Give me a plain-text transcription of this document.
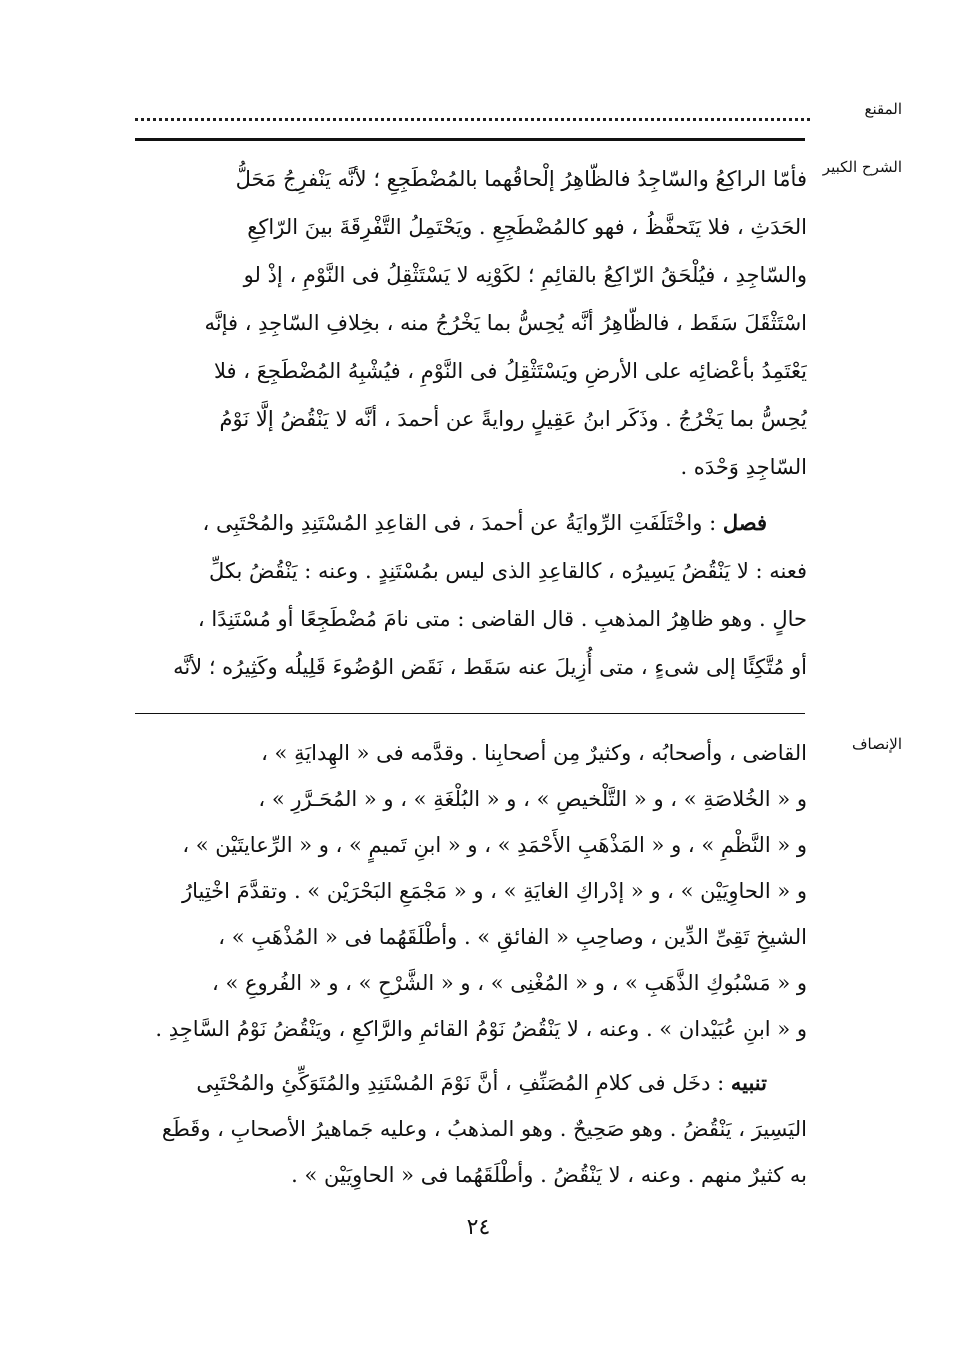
المقنع
الشرح الكبير

فأمّا الراكِعُ والسّاجِدُ فالظّاهِرُ إلْحاقُهما بالمُضْطَجِعِ ؛ لأنَّه يَنْفرِجُ مَحَلُّ
الحَدَثِ ، فلا يَتَحفَّظُ ، فهو كالمُضْطَجِعِ . ويَحْتَمِلُ التَّفْرِقَةَ بينَ الرّاكِعِ
والسّاجِدِ ، فيُلْحَقُ الرّاكِعُ بالقائِمِ ؛ لكَوْنِه لا يَسْتَثْقِلُ فى النَّوْمِ ، إذْ لو
اسْتَثْقَلَ سَقَط ، فالظّاهِرُ أنَّه يُحِسُّ بما يَخْرُجُ منه ، بخِلافِ السّاجِدِ ، فإنَّه
يَعْتَمِدُ بأعْضائِه على الأرضِ ويَسْتَثْقِلُ فى النَّوْمِ ، فيُشْبِهُ المُضْطَجِعَ ، فلا
يُحِسُّ بما يَخْرُجُ . وذَكَر ابنُ عَقِيلٍ روايةً عن أحمدَ ، أنَّه لا يَنْقُضُ إلَّا نَوْمُ
السّاجِدِ وَحْدَه .

فصل : واخْتَلَفَتِ الرِّوايَةُ عن أحمدَ ، فى القاعِدِ المُسْتَنِدِ والمُحْتَبِى ،
فعنه : لا يَنْقُضُ يَسِيرُه ، كالقاعِدِ الذى ليس بمُسْتَنِدٍ . وعنه : يَنْقُضُ بكلِّ
حالٍ . وهو ظاهِرُ المذهبِ . قال القاضى : متى نامَ مُضْطَجِعًا أو مُسْتَنِدًا ،
أو مُتَّكِئًا إلى شىءٍ ، متى أُزِيلَ عنه سَقَط ، نَقَض الوُضُوءَ قَلِيلُه وكَثِيرُه ؛ لأنَّه

الإنصاف

القاضى ، وأصحابُه ، وكثيرٌ مِن أصحابِنا . وقدَّمه فى « الهِدايَةِ » ،
و « الخُلاصَةِ » ، و « التَّلْخيصِ » ، و « البُلْغَةِ » ، و « المُحَـرَّرِ » ،
و « النَّظْمِ » ، و « المَذْهَبِ الأَحْمَدِ » ، و « ابنِ تَميمٍ » ، و « الرِّعايتَيْن » ،
و « الحاوِيَيْن » ، و « إدْراكِ الغايَةِ » ، و « مَجْمَعِ البَحْرَيْن » . وتقدَّمَ اخْتِيارُ
الشيخِ تَقِىِّ الدِّين ، وصاحِبِ « الفائقِ » . وأطْلَقَهُما فى « المُذْهَبِ » ،
و « مَسْبُوكِ الذَّهَبِ » ، و « المُغْنِى » ، و « الشَّرْحِ » ، و « الفُروعِ » ،
و « ابنِ عُبَيْدان » . وعنه ، لا يَنْقُضُ نَوْمُ القائمِ والرَّاكعِ ، ويَنْقُضُ نَوْمُ السَّاجِدِ .

تنبيه : دخَل فى كلامِ المُصَنِّفِ ، أنَّ نَوْمَ المُسْتَنِدِ والمُتَوَكِّئِ والمُحْتَبِى
اليَسِيرَ ، يَنْقُضُ . وهو صَحِيحٌ . وهو المذهبُ ، وعليه جَماهيرُ الأصحابِ ، وقَطَع
به كثيرٌ منهم . وعنه ، لا يَنْقُضُ . وأطْلَقَهُما فى « الحاوِيَيْن » .

٢٤
